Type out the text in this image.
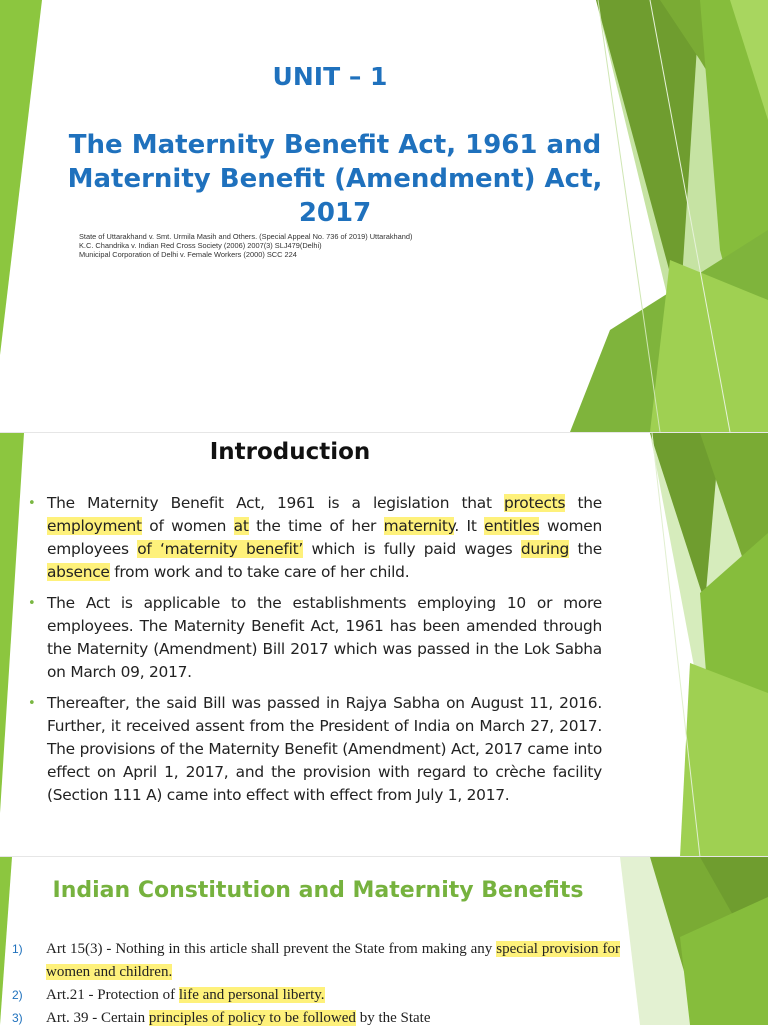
UNIT – 1
The Maternity Benefit Act, 1961 and
Maternity Benefit (Amendment) Act, 2017
State of Uttarakhand v. Smt. Urmila Masih and Others. (Special Appeal No. 736 of 2019) Uttarakhand)
K.C. Chandrika v. Indian Red Cross Society (2006) 2007(3) SLJ479(Delhi)
Municipal Corporation of Delhi v. Female Workers (2000) SCC 224
Introduction
• The Maternity Benefit Act, 1961 is a legislation that protects the employment of women at the time of her maternity. It entitles women employees of ‘maternity benefit’ which is fully paid wages during the absence from work and to take care of her child.
• The Act is applicable to the establishments employing 10 or more employees. The Maternity Benefit Act, 1961 has been amended through the Maternity (Amendment) Bill 2017 which was passed in the Lok Sabha on March 09, 2017.
• Thereafter, the said Bill was passed in Rajya Sabha on August 11, 2016. Further, it received assent from the President of India on March 27, 2017. The provisions of the Maternity Benefit (Amendment) Act, 2017 came into effect on April 1, 2017, and the provision with regard to crèche facility (Section 111 A) came into effect with effect from July 1, 2017.
Indian Constitution and Maternity Benefits
1) Art 15(3) - Nothing in this article shall prevent the State from making any special provision for women and children.
2) Art.21 - Protection of life and personal liberty.
3) Art. 39 - Certain principles of policy to be followed by the State
